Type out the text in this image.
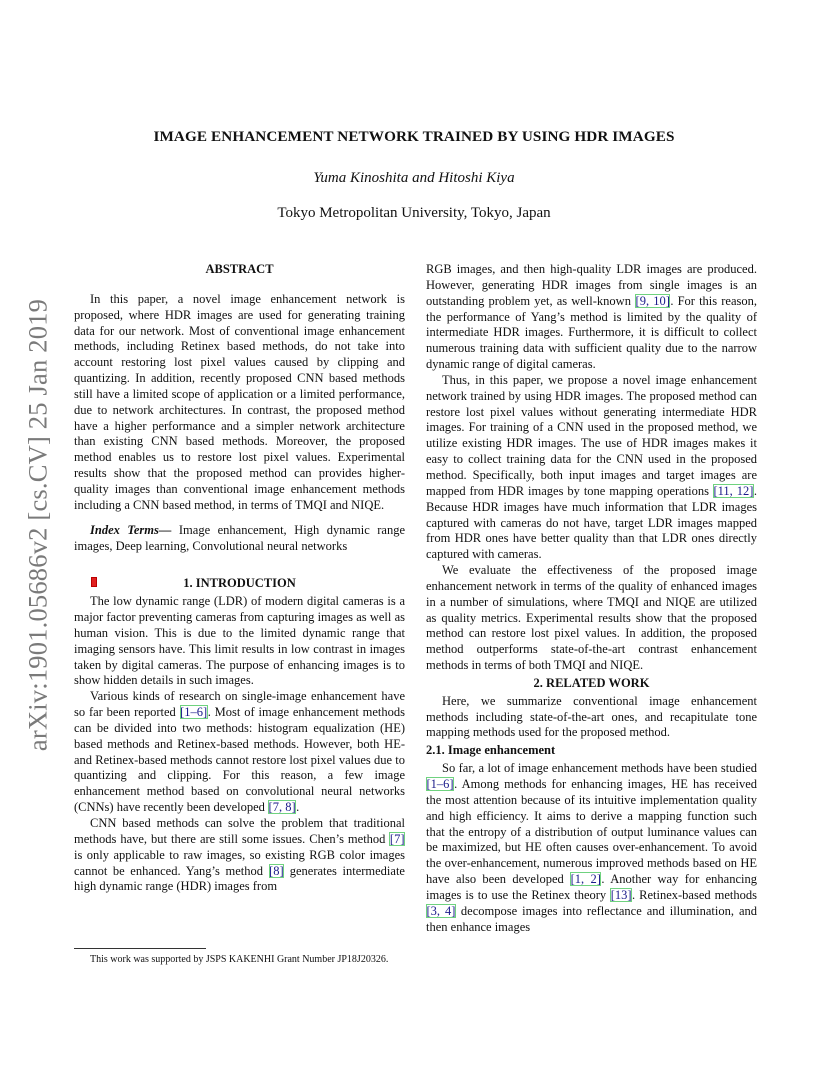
IMAGE ENHANCEMENT NETWORK TRAINED BY USING HDR IMAGES
Yuma Kinoshita and Hitoshi Kiya
Tokyo Metropolitan University, Tokyo, Japan
arXiv:1901.05686v2 [cs.CV] 25 Jan 2019

ABSTRACT

In this paper, a novel image enhancement network is proposed, where HDR images are used for generating training data for our network. Most of conventional image enhancement methods, including Retinex based methods, do not take into account restoring lost pixel values caused by clipping and quantizing. In addition, recently proposed CNN based methods still have a limited scope of application or a limited performance, due to network architectures. In contrast, the proposed method have a higher performance and a simpler network architecture than existing CNN based methods. Moreover, the proposed method enables us to restore lost pixel values. Experimental results show that the proposed method can provides higher-quality images than conventional image enhancement methods including a CNN based method, in terms of TMQI and NIQE.

Index Terms— Image enhancement, High dynamic range images, Deep learning, Convolutional neural networks

1. INTRODUCTION

The low dynamic range (LDR) of modern digital cameras is a major factor preventing cameras from capturing images as well as human vision. This is due to the limited dynamic range that imaging sensors have. This limit results in low contrast in images taken by digital cameras. The purpose of enhancing images is to show hidden details in such images.

Various kinds of research on single-image enhancement have so far been reported [1–6]. Most of image enhancement methods can be divided into two methods: histogram equalization (HE) based methods and Retinex-based methods. However, both HE- and Retinex-based methods cannot restore lost pixel values due to quantizing and clipping. For this reason, a few image enhancement method based on convolutional neural networks (CNNs) have recently been developed [7, 8].

CNN based methods can solve the problem that traditional methods have, but there are still some issues. Chen’s method [7] is only applicable to raw images, so existing RGB color images cannot be enhanced. Yang’s method [8] generates intermediate high dynamic range (HDR) images from

This work was supported by JSPS KAKENHI Grant Number JP18J20326.

RGB images, and then high-quality LDR images are produced. However, generating HDR images from single images is an outstanding problem yet, as well-known [9, 10]. For this reason, the performance of Yang’s method is limited by the quality of intermediate HDR images. Furthermore, it is difficult to collect numerous training data with sufficient quality due to the narrow dynamic range of digital cameras.

Thus, in this paper, we propose a novel image enhancement network trained by using HDR images. The proposed method can restore lost pixel values without generating intermediate HDR images. For training of a CNN used in the proposed method, we utilize existing HDR images. The use of HDR images makes it easy to collect training data for the CNN used in the proposed method. Specifically, both input images and target images are mapped from HDR images by tone mapping operations [11, 12]. Because HDR images have much information that LDR images captured with cameras do not have, target LDR images mapped from HDR ones have better quality than that LDR ones directly captured with cameras.

We evaluate the effectiveness of the proposed image enhancement network in terms of the quality of enhanced images in a number of simulations, where TMQI and NIQE are utilized as quality metrics. Experimental results show that the proposed method can restore lost pixel values. In addition, the proposed method outperforms state-of-the-art contrast enhancement methods in terms of both TMQI and NIQE.

2. RELATED WORK

Here, we summarize conventional image enhancement methods including state-of-the-art ones, and recapitulate tone mapping methods used for the proposed method.

2.1. Image enhancement

So far, a lot of image enhancement methods have been studied [1–6]. Among methods for enhancing images, HE has received the most attention because of its intuitive implementation quality and high efficiency. It aims to derive a mapping function such that the entropy of a distribution of output luminance values can be maximized, but HE often causes over-enhancement. To avoid the over-enhancement, numerous improved methods based on HE have also been developed [1, 2]. Another way for enhancing images is to use the Retinex theory [13]. Retinex-based methods [3, 4] decompose images into reflectance and illumination, and then enhance images
